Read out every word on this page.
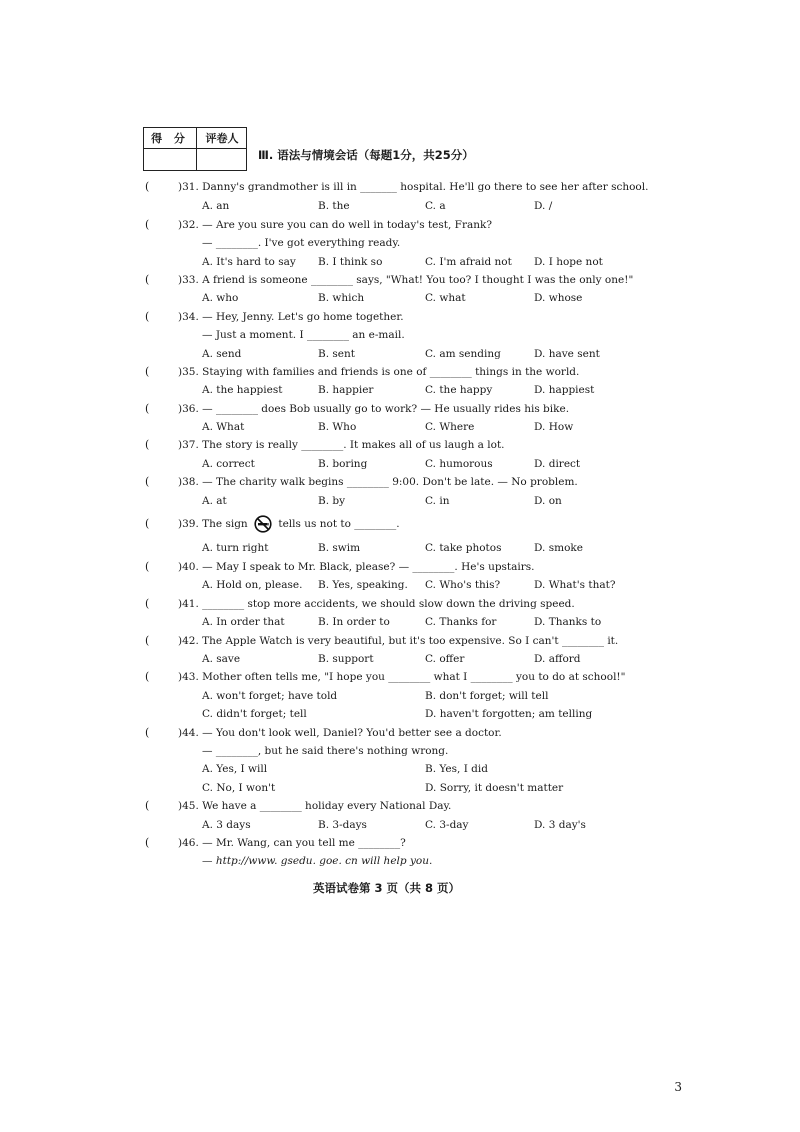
得 分	评卷人
Ⅲ. 语法与情境会话（每题1分，共25分）
(	)31. Danny's grandmother is ill in _______ hospital. He'll go there to see her after school.
A. an	B. the	C. a	D. /
(	)32. — Are you sure you can do well in today's test, Frank?
— ________. I've got everything ready.
A. It's hard to say B. I think so	C. I'm afraid not D. I hope not
(	)33. A friend is someone ________ says, "What! You too? I thought I was the only one!"
A. who	B. which	C. what	D. whose
(	)34. — Hey, Jenny. Let's go home together.
— Just a moment. I ________ an e-mail.
A. send	B. sent	C. am sending	D. have sent
(	)35. Staying with families and friends is one of ________ things in the world.
A. the happiest	B. happier	C. the happy	D. happiest
(	)36. — ________ does Bob usually go to work? — He usually rides his bike.
A. What	B. Who	C. Where	D. How
(	)37. The story is really ________. It makes all of us laugh a lot.
A. correct	B. boring	C. humorous	D. direct
(	)38. — The charity walk begins ________ 9:00. Don't be late. — No problem.
A. at	B. by	C. in	D. on
(	)39. The sign	tells us not to ________.
A. turn right	B. swim	C. take photos	D. smoke
(	)40. — May I speak to Mr. Black, please? — ________. He's upstairs.
A. Hold on, please. B. Yes, speaking. C. Who's this?	D. What's that?
(	)41. ________ stop more accidents, we should slow down the driving speed.
A. In order that	B. In order to	C. Thanks for	D. Thanks to
(	)42. The Apple Watch is very beautiful, but it's too expensive. So I can't ________ it.
A. save	B. support	C. offer	D. afford
(	)43. Mother often tells me, "I hope you ________ what I ________ you to do at school!"
A. won't forget; have told	B. don't forget; will tell
C. didn't forget; tell	D. haven't forgotten; am telling
(	)44. — You don't look well, Daniel? You'd better see a doctor.
— ________, but he said there's nothing wrong.
A. Yes, I will	B. Yes, I did
C. No, I won't	D. Sorry, it doesn't matter
(	)45. We have a ________ holiday every National Day.
A. 3 days	B. 3-days	C. 3-day	D. 3 day's
(	)46. — Mr. Wang, can you tell me ________?
— http://www. gsedu. goe. cn will help you.
英语试卷第 3 页（共 8 页）
3
